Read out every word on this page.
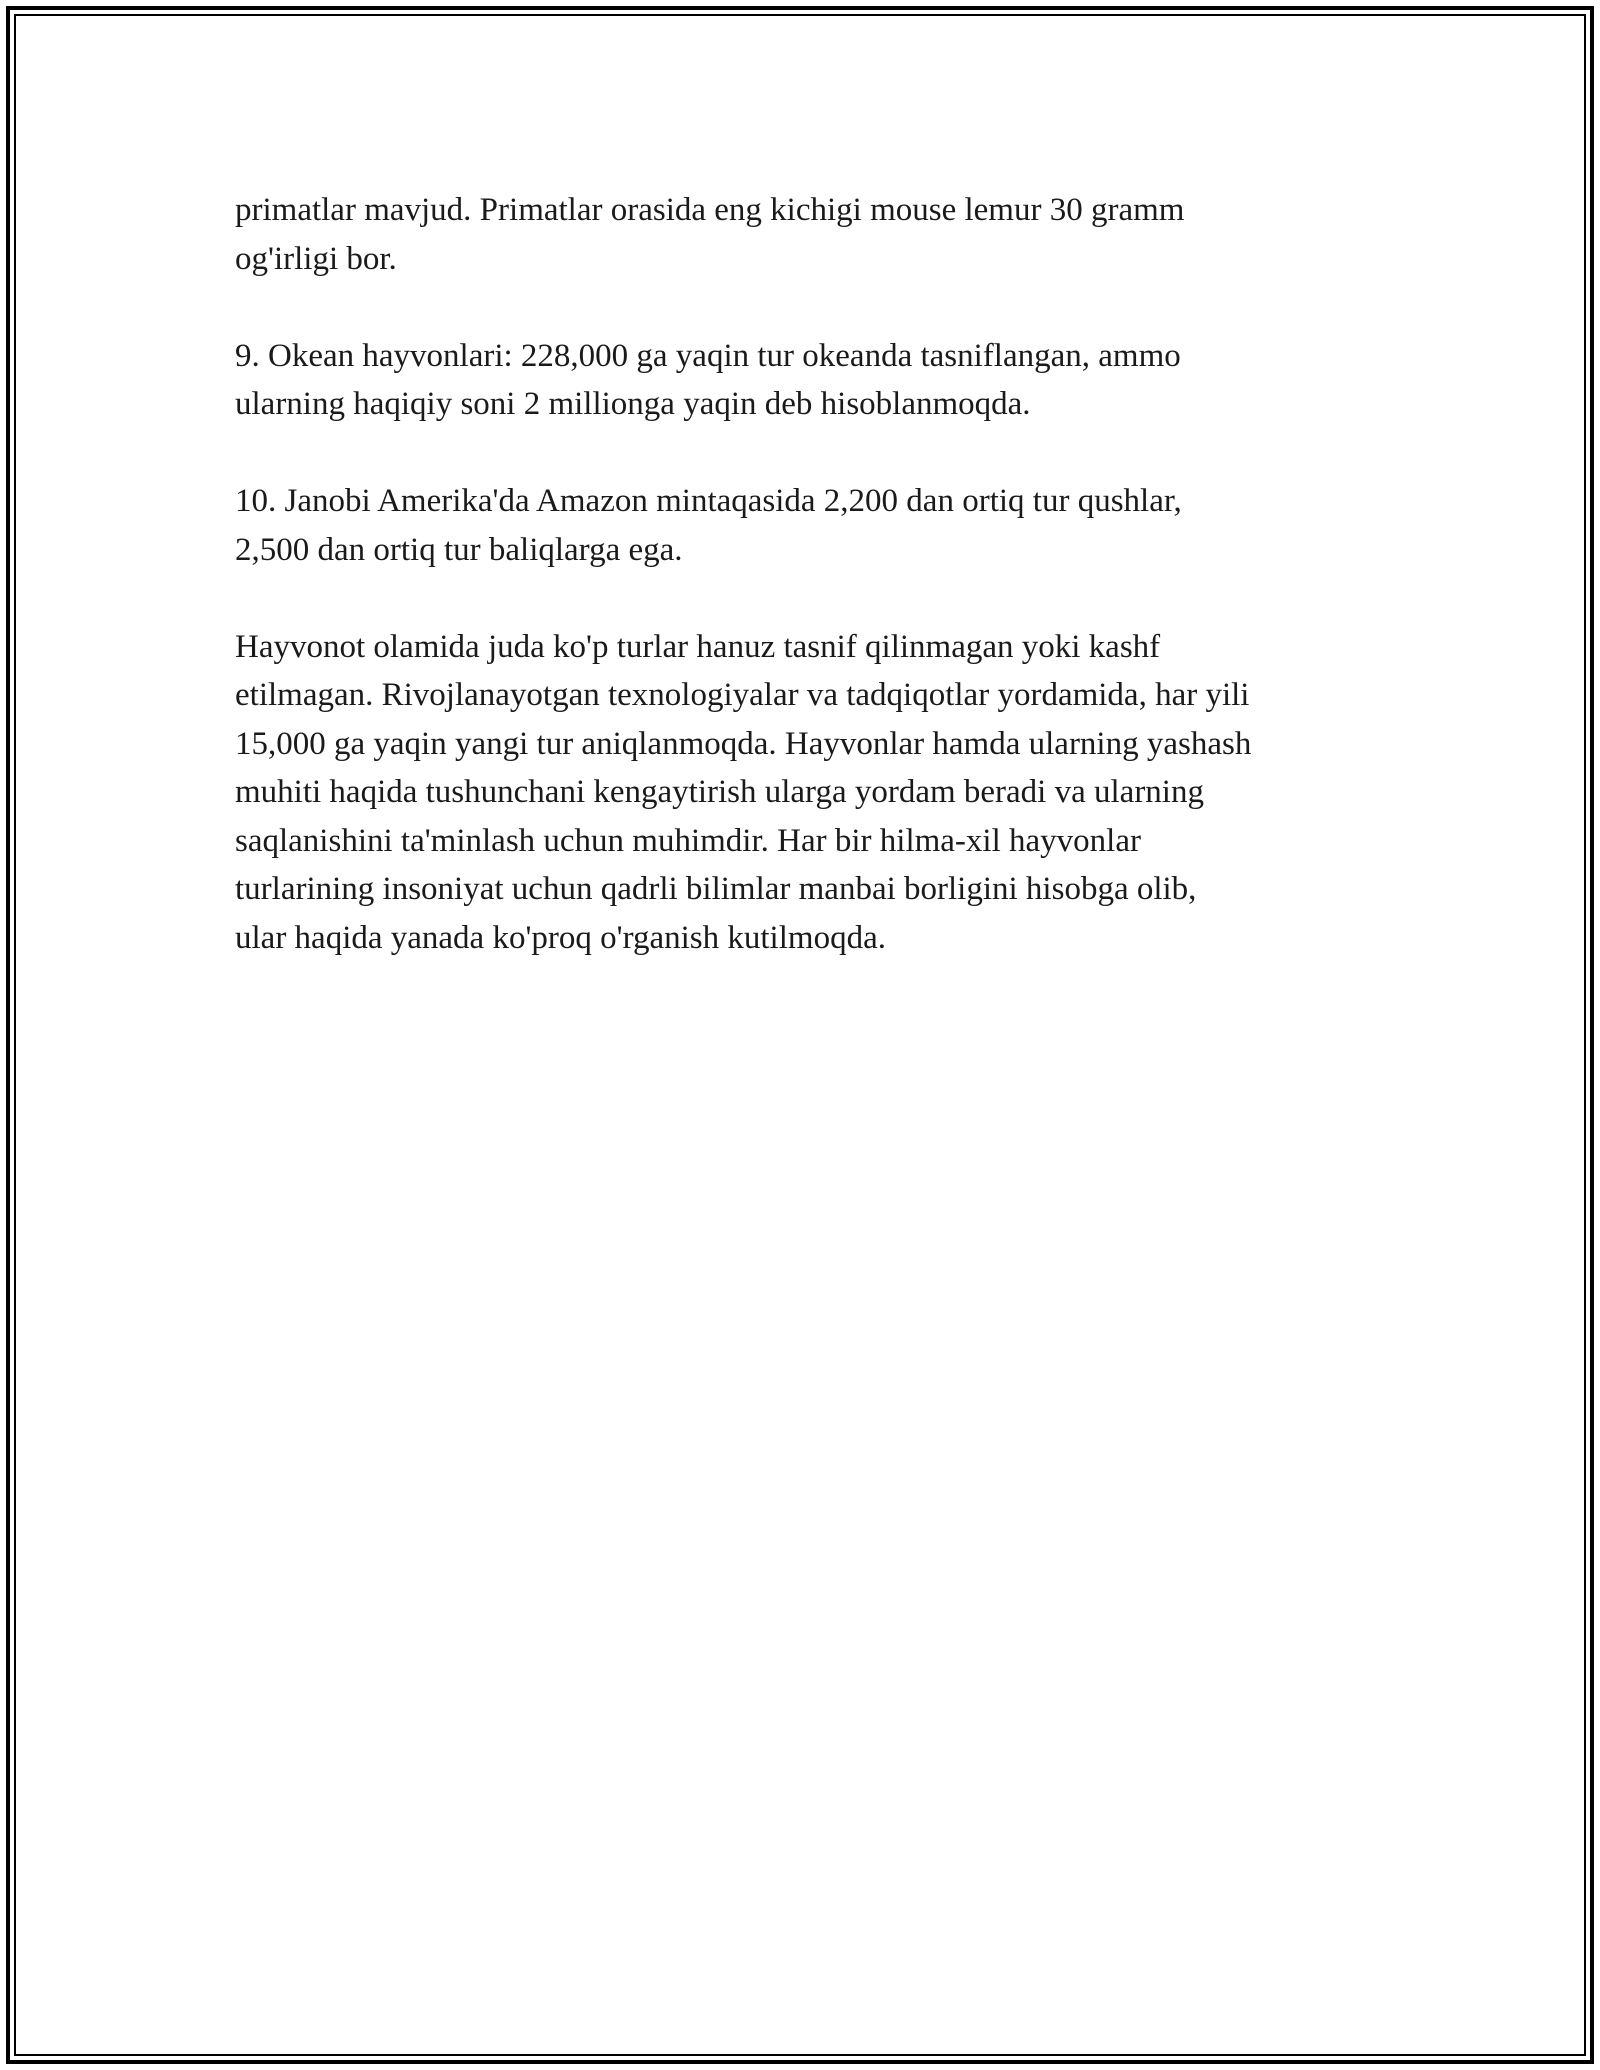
primatlar mavjud. Primatlar orasida eng kichigi mouse lemur 30 gramm
og'irligi bor.

9. Okean hayvonlari: 228,000 ga yaqin tur okeanda tasniflangan, ammo
ularning haqiqiy soni 2 millionga yaqin deb hisoblanmoqda.

10. Janobi Amerika'da Amazon mintaqasida 2,200 dan ortiq tur qushlar,
2,500 dan ortiq tur baliqlarga ega.

Hayvonot olamida juda ko'p turlar hanuz tasnif qilinmagan yoki kashf
etilmagan. Rivojlanayotgan texnologiyalar va tadqiqotlar yordamida, har yili
15,000 ga yaqin yangi tur aniqlanmoqda. Hayvonlar hamda ularning yashash
muhiti haqida tushunchani kengaytirish ularga yordam beradi va ularning
saqlanishini ta'minlash uchun muhimdir. Har bir hilma-xil hayvonlar
turlarining insoniyat uchun qadrli bilimlar manbai borligini hisobga olib,
ular haqida yanada ko'proq o'rganish kutilmoqda.
